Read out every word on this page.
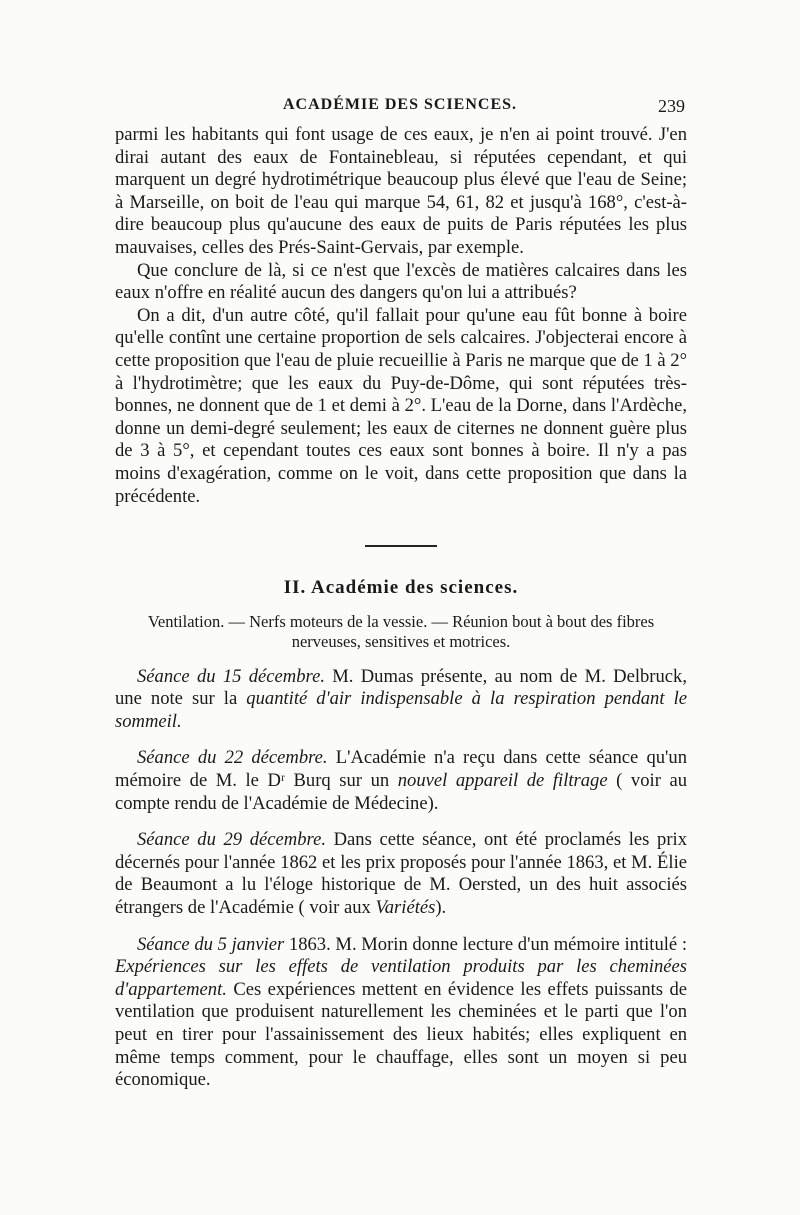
ACADÉMIE DES SCIENCES.	239

parmi les habitants qui font usage de ces eaux, je n'en ai point trouvé. J'en dirai autant des eaux de Fontainebleau, si réputées cependant, et qui marquent un degré hydrotimétrique beaucoup plus élevé que l'eau de Seine; à Marseille, on boit de l'eau qui marque 54, 61, 82 et jusqu'à 168°, c'est-à-dire beaucoup plus qu'aucune des eaux de puits de Paris réputées les plus mauvaises, celles des Prés-Saint-Gervais, par exemple.

Que conclure de là, si ce n'est que l'excès de matières calcaires dans les eaux n'offre en réalité aucun des dangers qu'on lui a attribués?

On a dit, d'un autre côté, qu'il fallait pour qu'une eau fût bonne à boire qu'elle contînt une certaine proportion de sels calcaires. J'objecterai encore à cette proposition que l'eau de pluie recueillie à Paris ne marque que de 1 à 2° à l'hydrotimètre; que les eaux du Puy-de-Dôme, qui sont réputées très-bonnes, ne donnent que de 1 et demi à 2°. L'eau de la Dorne, dans l'Ardèche, donne un demi-degré seulement; les eaux de citernes ne donnent guère plus de 3 à 5°, et cependant toutes ces eaux sont bonnes à boire. Il n'y a pas moins d'exagération, comme on le voit, dans cette proposition que dans la précédente.

II. Académie des sciences.
Ventilation. — Nerfs moteurs de la vessie. — Réunion bout à bout des fibres nerveuses, sensitives et motrices.

Séance du 15 décembre. M. Dumas présente, au nom de M. Delbruck, une note sur la quantité d'air indispensable à la respiration pendant le sommeil.

Séance du 22 décembre. L'Académie n'a reçu dans cette séance qu'un mémoire de M. le Dʳ Burq sur un nouvel appareil de filtrage ( voir au compte rendu de l'Académie de Médecine).

Séance du 29 décembre. Dans cette séance, ont été proclamés les prix décernés pour l'année 1862 et les prix proposés pour l'année 1863, et M. Élie de Beaumont a lu l'éloge historique de M. Oersted, un des huit associés étrangers de l'Académie ( voir aux Variétés).

Séance du 5 janvier 1863. M. Morin donne lecture d'un mémoire intitulé : Expériences sur les effets de ventilation produits par les cheminées d'appartement. Ces expériences mettent en évidence les effets puissants de ventilation que produisent naturellement les cheminées et le parti que l'on peut en tirer pour l'assainissement des lieux habités; elles expliquent en même temps comment, pour le chauffage, elles sont un moyen si peu économique.
